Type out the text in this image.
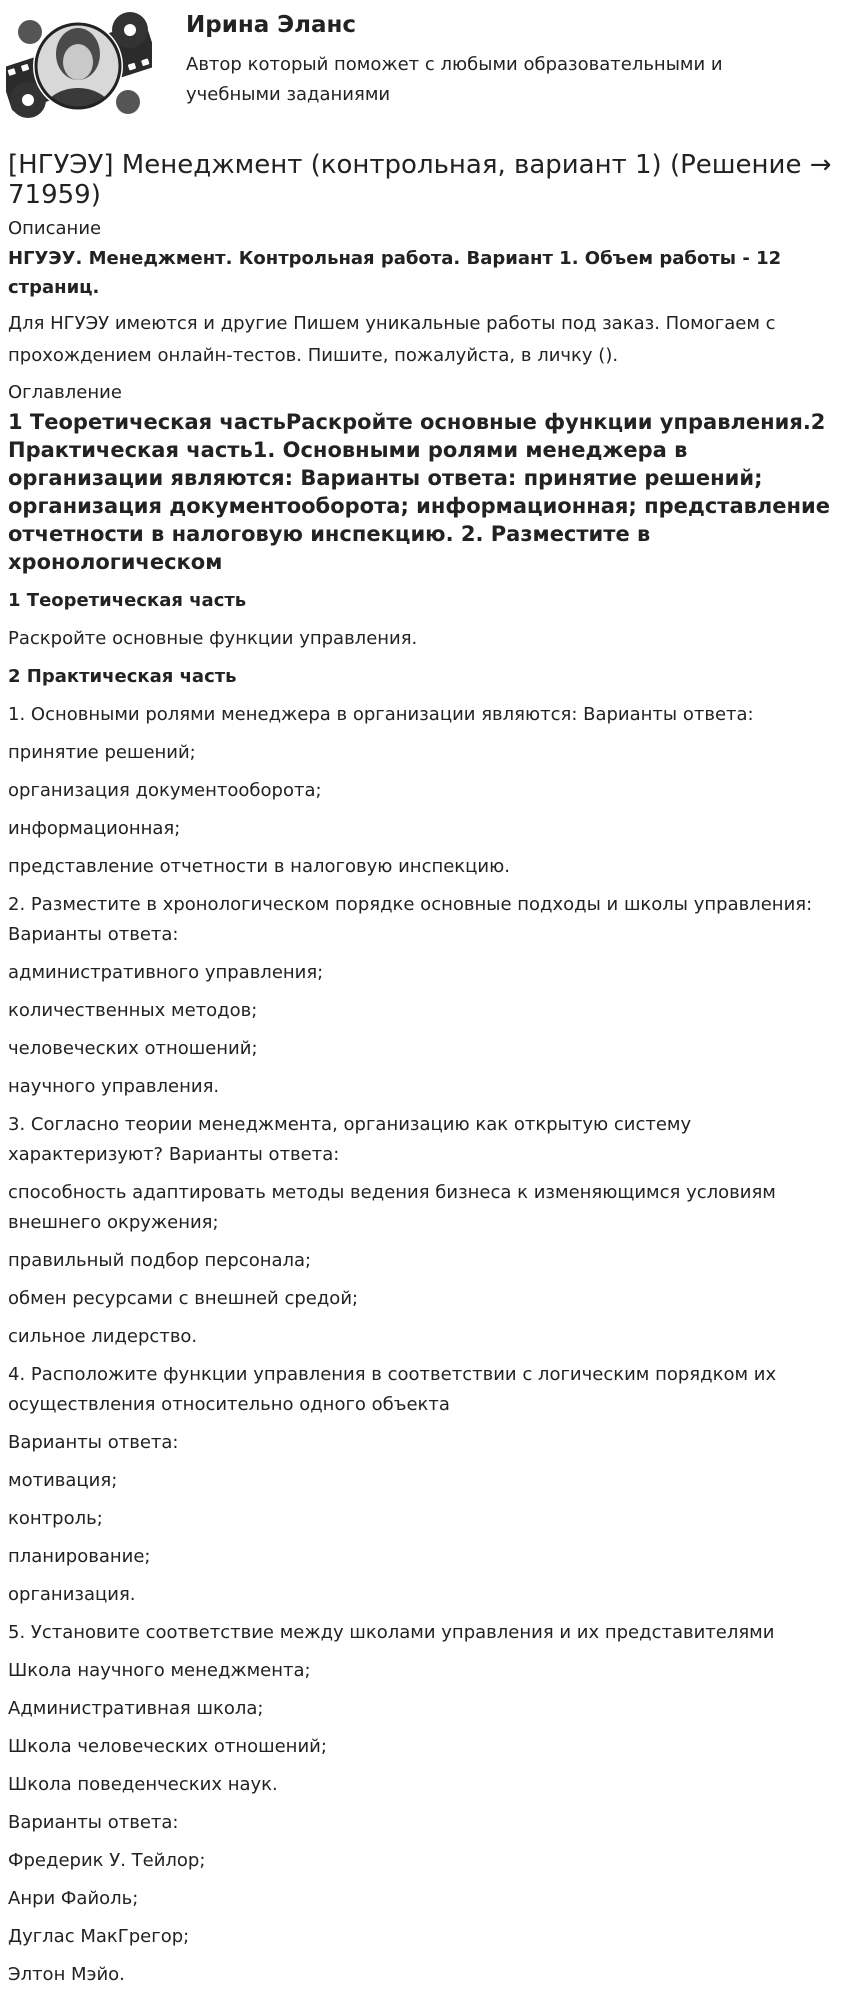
Ирина Эланс
Автор который поможет с любыми образовательными и учебными заданиями
[НГУЭУ] Менеджмент (контрольная, вариант 1) (Решение → 71959)
Описание
НГУЭУ. Менеджмент. Контрольная работа. Вариант 1. Объем работы - 12 страниц.
Для НГУЭУ имеются и другие Пишем уникальные работы под заказ. Помогаем с прохождением онлайн-тестов. Пишите, пожалуйста, в личку ().
Оглавление
1 Теоретическая частьРаскройте основные функции управления.2 Практическая часть1. Основными ролями менеджера в организации являются: Варианты ответа: принятие решений; организация документооборота; информационная; представление отчетности в налоговую инспекцию. 2. Разместите в хронологическом

1 Теоретическая часть

Раскройте основные функции управления.

2 Практическая часть

1. Основными ролями менеджера в организации являются: Варианты ответа:

принятие решений;

организация документооборота;

информационная;

представление отчетности в налоговую инспекцию.

2. Разместите в хронологическом порядке основные подходы и школы управления: Варианты ответа:

административного управления;

количественных методов;

человеческих отношений;

научного управления.

3. Согласно теории менеджмента, организацию как открытую систему характеризуют? Варианты ответа:

способность адаптировать методы ведения бизнеса к изменяющимся условиям внешнего окружения;

правильный подбор персонала;

обмен ресурсами с внешней средой;

сильное лидерство.

4. Расположите функции управления в соответствии с логическим порядком их осуществления относительно одного объекта

Варианты ответа:

мотивация;

контроль;

планирование;

организация.

5. Установите соответствие между школами управления и их представителями

Школа научного менеджмента;

Административная школа;

Школа человеческих отношений;

Школа поведенческих наук.

Варианты ответа:

Фредерик У. Тейлор;

Анри Файоль;

Дуглас МакГрегор;

Элтон Мэйо.
